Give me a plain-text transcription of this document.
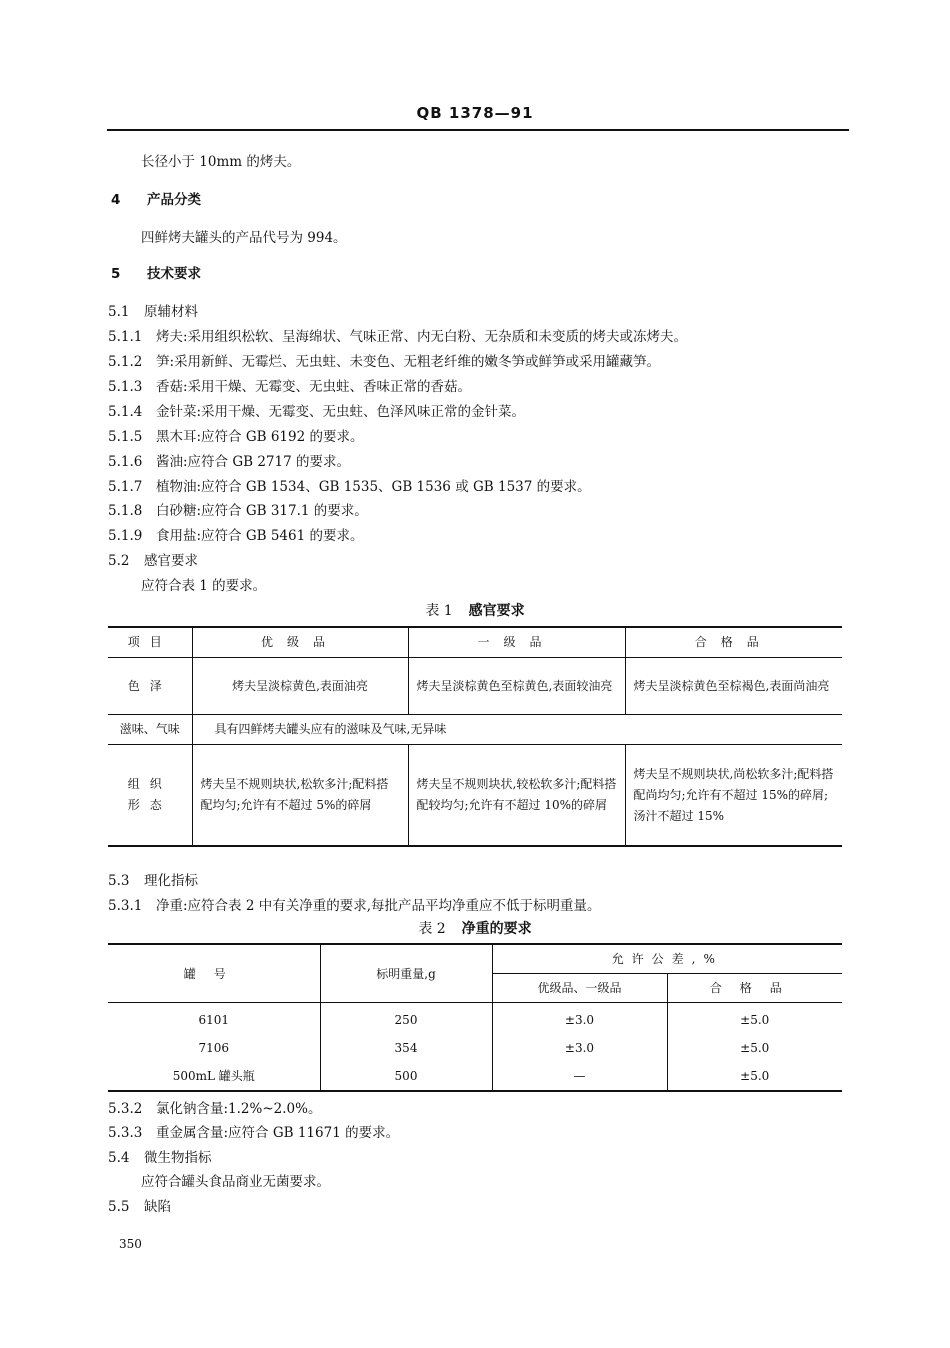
QB 1378—91
长径小于 10mm 的烤夫。
4 产品分类
四鲜烤夫罐头的产品代号为 994。
5 技术要求
5.1 原辅材料
5.1.1 烤夫:采用组织松软、呈海绵状、气味正常、内无白粉、无杂质和未变质的烤夫或冻烤夫。
5.1.2 笋:采用新鲜、无霉烂、无虫蛀、未变色、无粗老纤维的嫩冬笋或鲜笋或采用罐藏笋。
5.1.3 香菇:采用干燥、无霉变、无虫蛀、香味正常的香菇。
5.1.4 金针菜:采用干燥、无霉变、无虫蛀、色泽风味正常的金针菜。
5.1.5 黑木耳:应符合 GB 6192 的要求。
5.1.6 酱油:应符合 GB 2717 的要求。
5.1.7 植物油:应符合 GB 1534、GB 1535、GB 1536 或 GB 1537 的要求。
5.1.8 白砂糖:应符合 GB 317.1 的要求。
5.1.9 食用盐:应符合 GB 5461 的要求。
5.2 感官要求
应符合表 1 的要求。
表 1 感官要求
项目	优级品	一级品	合格品
色泽	烤夫呈淡棕黄色,表面油亮	烤夫呈淡棕黄色至棕黄色,表面较油亮	烤夫呈淡棕黄色至棕褐色,表面尚油亮
滋味、气味	具有四鲜烤夫罐头应有的滋味及气味,无异味		
组织形态	烤夫呈不规则块状,松软多汁;配料搭配均匀;允许有不超过 5%的碎屑	烤夫呈不规则块状,较松软多汁;配料搭配较均匀;允许有不超过 10%的碎屑	烤夫呈不规则块状,尚松软多汁;配料搭配尚均匀;允许有不超过 15%的碎屑;汤汁不超过 15%
5.3 理化指标
5.3.1 净重:应符合表 2 中有关净重的要求,每批产品平均净重应不低于标明重量。
表 2 净重的要求
罐号	标明重量,g	允许公差,%	
		优级品、一级品	合格品
6101	250	±3.0	±5.0
7106	354	±3.0	±5.0
500mL 罐头瓶	500	—	±5.0
5.3.2 氯化钠含量:1.2%~2.0%。
5.3.3 重金属含量:应符合 GB 11671 的要求。
5.4 微生物指标
应符合罐头食品商业无菌要求。
5.5 缺陷
350
